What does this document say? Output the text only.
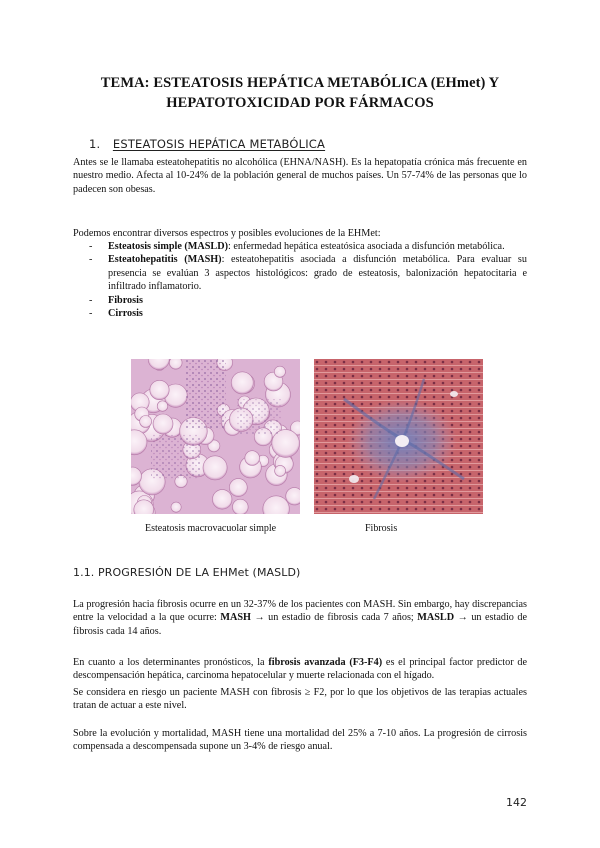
TEMA: ESTEATOSIS HEPÁTICA METABÓLICA (EHmet) Y
HEPATOTOXICIDAD POR FÁRMACOS
1. ESTEATOSIS HEPÁTICA METABÓLICA

Antes se le llamaba esteatohepatitis no alcohólica (EHNA/NASH). Es la hepatopatía crónica más frecuente en nuestro medio. Afecta al 10-24% de la población general de muchos países. Un 57-74% de las personas que lo padecen son obesas.

Podemos encontrar diversos espectros y posibles evoluciones de la EHMet:

- Esteatosis simple (MASLD): enfermedad hepática esteatósica asociada a disfunción metabólica.
- Esteatohepatitis (MASH): esteatohepatitis asociada a disfunción metabólica. Para evaluar su presencia se evalúan 3 aspectos histológicos: grado de esteatosis, balonización hepatocitaria e infiltrado inflamatorio.
- Fibrosis
- Cirrosis
Esteatosis macrovacuolar simple	Fibrosis
1.1. PROGRESIÓN DE LA EHMet (MASLD)

La progresión hacia fibrosis ocurre en un 32-37% de los pacientes con MASH. Sin embargo, hay discrepancias entre la velocidad a la que ocurre: MASH → un estadio de fibrosis cada 7 años; MASLD → un estadio de fibrosis cada 14 años.

En cuanto a los determinantes pronósticos, la fibrosis avanzada (F3-F4) es el principal factor predictor de descompensación hepática, carcinoma hepatocelular y muerte relacionada con el hígado.

Se considera en riesgo un paciente MASH con fibrosis ≥ F2, por lo que los objetivos de las terapias actuales tratan de actuar a este nivel.

Sobre la evolución y mortalidad, MASH tiene una mortalidad del 25% a 7-10 años. La progresión de cirrosis compensada a descompensada supone un 3-4% de riesgo anual.

142
